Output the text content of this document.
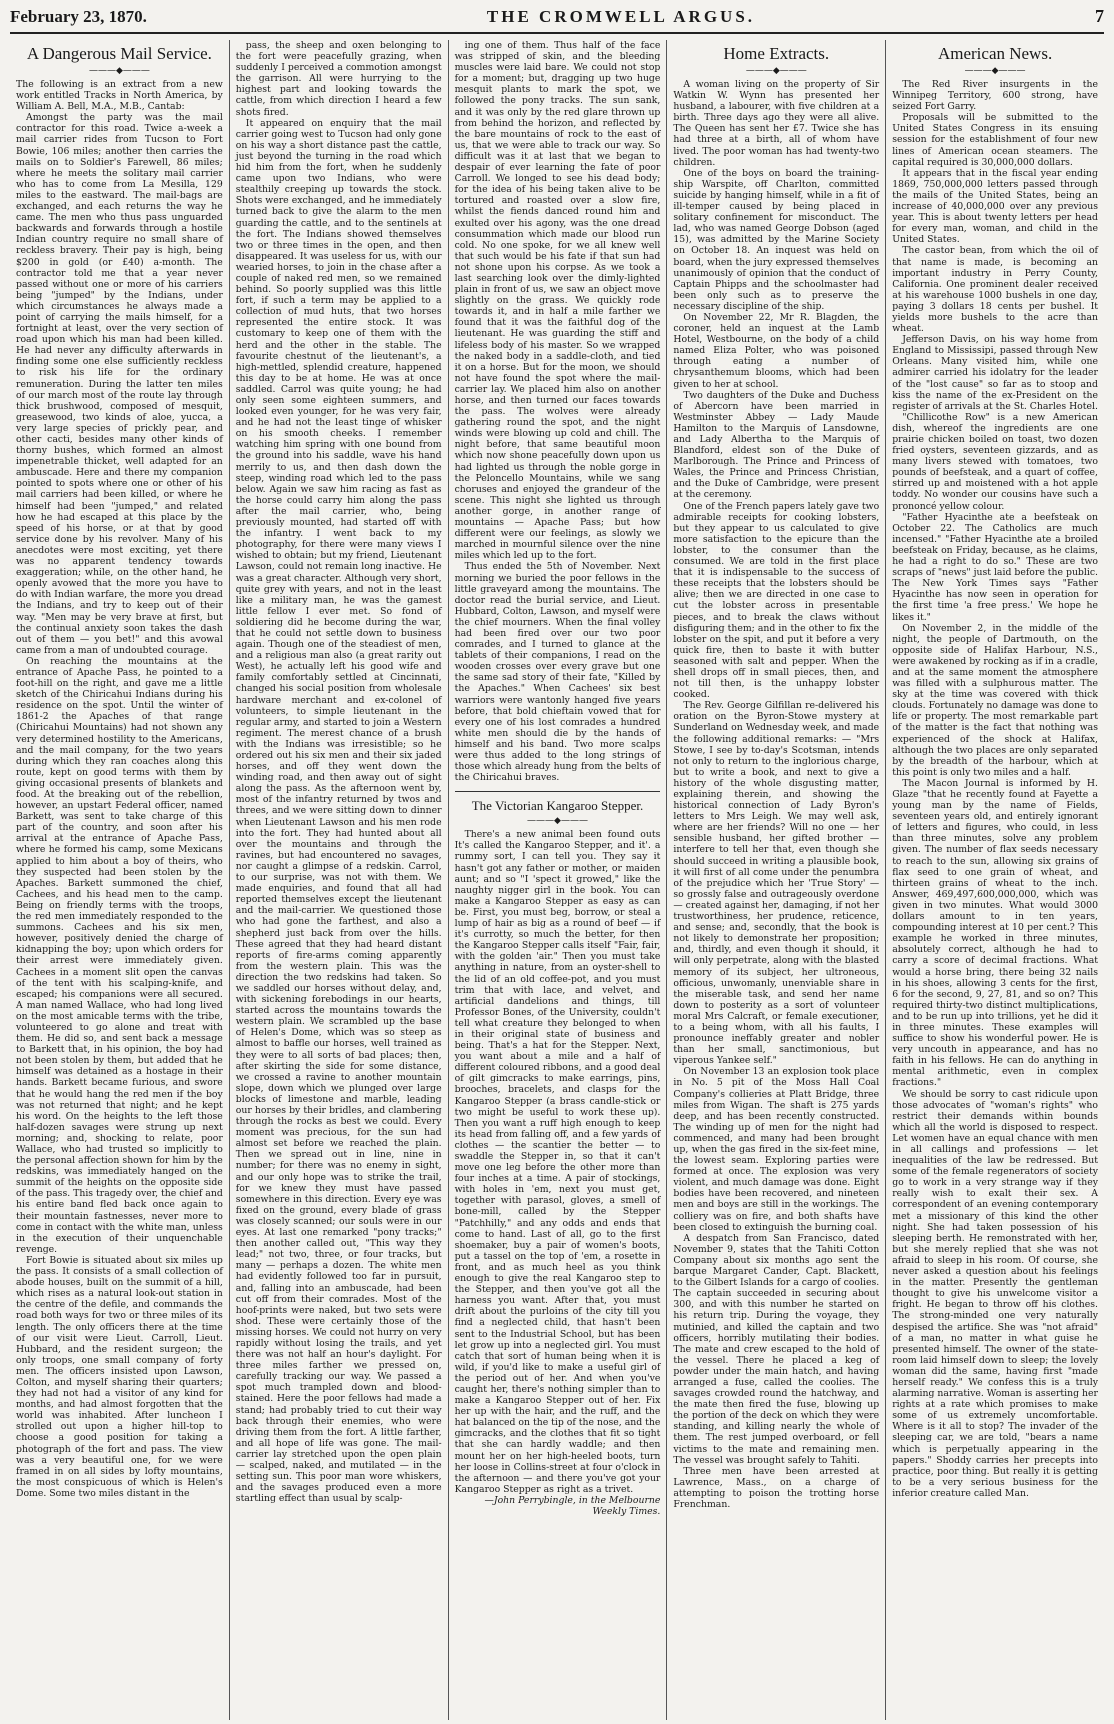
February 23, 1870.	THE CROMWELL ARGUS.	7
A Dangerous Mail Service.
———◆———

The following is an extract from a new work entitled Tracks in North America, by William A. Bell, M.A., M.B., Cantab:

Amongst the party was the mail contractor for this road. Twice a-week a mail carrier rides from Tucson to Fort Bowie, 106 miles; another then carries the mails on to Soldier's Farewell, 86 miles; where he meets the solitary mail carrier who has to come from La Mesilla, 129 miles to the eastward. The mail-bags are exchanged, and each returns the way he came. The men who thus pass unguarded backwards and forwards through a hostile Indian country require no small share of reckless bravery. Their pay is high, being $200 in gold (or £40) a-month. The contractor told me that a year never passed without one or more of his carriers being "jumped" by the Indians, under which circumstances he always made a point of carrying the mails himself, for a fortnight at least, over the very section of road upon which his man had been killed. He had never any difficulty afterwards in finding some one else sufficiently reckless to risk his life for the ordinary remuneration. During the latter ten miles of our march most of the route lay through thick brushwood, composed of mesquit, greasewood, two kinds of aloe, yucca, a very large species of prickly pear, and other cacti, besides many other kinds of thorny bushes, which formed an almost impenetrable thicket, well adapted for an ambuscade. Here and there my companion pointed to spots where one or other of his mail carriers had been killed, or where he himself had been "jumped," and related how he had escaped at this place by the speed of his horse, or at that by good service done by his revolver. Many of his anecdotes were most exciting, yet there was no apparent tendency towards exaggeration; while, on the other hand, he openly avowed that the more you have to do with Indian warfare, the more you dread the Indians, and try to keep out of their way. "Men may be very brave at first, but the continual anxiety soon takes the dash out of them — you bet!" and this avowal came from a man of undoubted courage.

On reaching the mountains at the entrance of Apache Pass, he pointed to a foot-hill on the right, and gave me a little sketch of the Chiricahui Indians during his residence on the spot. Until the winter of 1861-2 the Apaches of that range (Chiricahui Mountains) had not shown any very determined hostility to the Americans, and the mail company, for the two years during which they ran coaches along this route, kept on good terms with them by giving occasional presents of blankets and food. At the breaking out of the rebellion, however, an upstart Federal officer, named Barkett, was sent to take charge of this part of the country, and soon after his arrival at the entrance of Apache Pass, where he formed his camp, some Mexicans applied to him about a boy of theirs, who they suspected had been stolen by the Apaches. Barkett summoned the chief, Cachees, and his head men to the camp. Being on friendly terms with the troops, the red men immediately responded to the summons. Cachees and his six men, however, positively denied the charge of kidnapping the boy; upon which orders for their arrest were immediately given. Cachees in a moment slit open the canvas of the tent with his scalping-knife, and escaped; his companions were all secured. A man named Wallace, who had long lived on the most amicable terms with the tribe, volunteered to go alone and treat with them. He did so, and sent back a message to Barkett that, in his opinion, the boy had not been stolen by them, but added that he himself was detained as a hostage in their hands. Barkett became furious, and swore that he would hang the red men if the boy was not returned that night; and he kept his word. On the heights to the left those half-dozen savages were strung up next morning; and, shocking to relate, poor Wallace, who had trusted so implicitly to the personal affection shown for him by the redskins, was immediately hanged on the summit of the heights on the opposite side of the pass. This tragedy over, the chief and his entire band fled back once again to their mountain fastnesses, never more to come in contact with the white man, unless in the execution of their unquenchable revenge.

Fort Bowie is situated about six miles up the pass. It consists of a small collection of abode houses, built on the summit of a hill, which rises as a natural look-out station in the centre of the defile, and commands the road both ways for two or three miles of its length. The only officers there at the time of our visit were Lieut. Carroll, Lieut. Hubbard, and the resident surgeon; the only troops, one small company of forty men. The officers insisted upon Lawson, Colton, and myself sharing their quarters; they had not had a visitor of any kind for months, and had almost forgotten that the world was inhabited. After luncheon I strolled out upon a higher hill-top to choose a good position for taking a photograph of the fort and pass. The view was a very beautiful one, for we were framed in on all sides by lofty mountains, the most conspicuous of which is Helen's Dome. Some two miles distant in the

pass, the sheep and oxen belonging to the fort were peacefully grazing, when suddenly I perceived a commotion amongst the garrison. All were hurrying to the highest part and looking towards the cattle, from which direction I heard a few shots fired.

It appeared on enquiry that the mail carrier going west to Tucson had only gone on his way a short distance past the cattle, just beyond the turning in the road which hid him from the fort, when he suddenly came upon two Indians, who were stealthily creeping up towards the stock. Shots were exchanged, and he immediately turned back to give the alarm to the men guarding the cattle, and to the sentinels at the fort. The Indians showed themselves two or three times in the open, and then disappeared. It was useless for us, with our wearied horses, to join in the chase after a couple of naked red men, so we remained behind. So poorly supplied was this little fort, if such a term may be applied to a collection of mud huts, that two horses represented the entire stock. It was customary to keep one of them with the herd and the other in the stable. The favourite chestnut of the lieutenant's, a high-mettled, splendid creature, happened this day to be at home. He was at once saddled. Carrol was quite young; he had only seen some eighteen summers, and looked even younger, for he was very fair, and he had not the least tinge of whisker on his smooth cheeks. I remember watching him spring with one bound from the ground into his saddle, wave his hand merrily to us, and then dash down the steep, winding road which led to the pass below. Again we saw him racing as fast as the horse could carry him along the pass after the mail carrier, who, being previously mounted, had started off with the infantry. I went back to my photography, for there were many views I wished to obtain; but my friend, Lieutenant Lawson, could not remain long inactive. He was a great character. Although very short, quite grey with years, and not in the least like a military man, he was the gamest little fellow I ever met. So fond of soldiering did he become during the war, that he could not settle down to business again. Though one of the steadiest of men, and a religious man also (a great rarity out West), he actually left his good wife and family comfortably settled at Cincinnati, changed his social position from wholesale hardware merchant and ex-colonel of volunteers, to simple lieutenant in the regular army, and started to join a Western regiment. The merest chance of a brush with the Indians was irresistible; so he ordered out his six men and their six jaded horses, and off they went down the winding road, and then away out of sight along the pass. As the afternoon went by, most of the infantry returned by twos and threes, and we were sitting down to dinner when Lieutenant Lawson and his men rode into the fort. They had hunted about all over the mountains and through the ravines, but had encountered no savages, nor caught a glimpse of a redskin. Carrol, to our surprise, was not with them. We made enquiries, and found that all had reported themselves except the lieutenant and the mail-carrier. We questioned those who had gone the farthest, and also a shepherd just back from over the hills. These agreed that they had heard distant reports of fire-arms coming apparently from the western plain. This was the direction the two redskins had taken. So we saddled our horses without delay, and, with sickening forebodings in our hearts, started across the mountains towards the western plain. We scrambled up the base of Helen's Dome, which was so steep as almost to baffle our horses, well trained as they were to all sorts of bad places; then, after skirting the side for some distance, we crossed a ravine to another mountain slope, down which we plunged over large blocks of limestone and marble, leading our horses by their bridles, and clambering through the rocks as best we could. Every moment was precious, for the sun had almost set before we reached the plain. Then we spread out in line, nine in number; for there was no enemy in sight, and our only hope was to strike the trail, for we knew they must have passed somewhere in this direction. Every eye was fixed on the ground, every blade of grass was closely scanned; our souls were in our eyes. At last one remarked "pony tracks;" then another called out, "This way they lead;" not two, three, or four tracks, but many — perhaps a dozen. The white men had evidently followed too far in pursuit, and, falling into an ambuscade, had been cut off from their comrades. Most of the hoof-prints were naked, but two sets were shod. These were certainly those of the missing horses. We could not hurry on very rapidly without losing the trails, and yet there was not half an hour's daylight. For three miles farther we pressed on, carefully tracking our way. We passed a spot much trampled down and blood-stained. Here the poor fellows had made a stand; had probably tried to cut their way back through their enemies, who were driving them from the fort. A little farther, and all hope of life was gone. The mail-carrier lay stretched upon the open plain — scalped, naked, and mutilated — in the setting sun. This poor man wore whiskers, and the savages produced even a more startling effect than usual by scalp-

ing one of them. Thus half of the face was stripped of skin, and the bleeding muscles were laid bare. We could not stop for a moment; but, dragging up two huge mesquit plants to mark the spot, we followed the pony tracks. The sun sank, and it was only by the red glare thrown up from behind the horizon, and reflected by the bare mountains of rock to the east of us, that we were able to track our way. So difficult was it at last that we began to despair of ever learning the fate of poor Carroll. We longed to see his dead body; for the idea of his being taken alive to be tortured and roasted over a slow fire, whilst the fiends danced round him and exulted over his agony, was the one dread consummation which made our blood run cold. No one spoke, for we all knew well that such would be his fate if that sun had not shone upon his corpse. As we took a last searching look over the dimly-lighted plain in front of us, we saw an object move slightly on the grass. We quickly rode towards it, and in half a mile farther we found that it was the faithful dog of the lieutenant. He was guarding the stiff and lifeless body of his master. So we wrapped the naked body in a saddle-cloth, and tied it on a horse. But for the moon, we should not have found the spot where the mail-carrier lay. We placed him also on another horse, and then turned our faces towards the pass. The wolves were already gathering round the spot, and the night winds were blowing up cold and chill. The night before, that same beautiful moon which now shone peacefully down upon us had lighted us through the noble gorge in the Peloncello Mountains, while we sang choruses and enjoyed the grandeur of the scene. This night she lighted us through another gorge, in another range of mountains — Apache Pass; but how different were our feelings, as slowly we marched in mournful silence over the nine miles which led up to the fort.

Thus ended the 5th of November. Next morning we buried the poor fellows in the little graveyard among the mountains. The doctor read the burial service, and Lieut. Hubbard, Colton, Lawson, and myself were the chief mourners. When the final volley had been fired over our two poor comrades, and I turned to glance at the tablets of their companions, I read on the wooden crosses over every grave but one the same sad story of their fate, "Killed by the Apaches." When Cachees' six best warriors were wantonly hanged five years before, that bold chieftain vowed that for every one of his lost comrades a hundred white men should die by the hands of himself and his band. Two more scalps were thus added to the long strings of those which already hung from the belts of the Chiricahui braves.

The Victorian Kangaroo Stepper.
———◆———

There's a new animal been found outs It's called the Kangaroo Stepper, and it'. a rummy sort, I can tell you. They say it hasn't got any father or mother, or maiden aunt; and so "I 'spect it growed," like the naughty nigger girl in the book. You can make a Kangaroo Stepper as easy as can be. First, you must beg, borrow, or steal a lump of hair as big as a round of beef — if it's currotty, so much the better, for then the Kangaroo Stepper calls itself "Fair, fair, with the golden 'air." Then you must take anything in nature, from an oyster-shell to the lid of an old coffee-pot, and you must trim that with lace, and velvet, and artificial dandelions and things, till Professor Bones, of the University, couldn't tell what creature they belonged to when in their original state of business and being. That's a hat for the Stepper. Next, you want about a mile and a half of different coloured ribbons, and a good deal of gilt gimcracks to make earrings, pins, brooches, bracelets, and clasps for the Kangaroo Stepper (a brass candle-stick or two might be useful to work these up). Then you want a ruff high enough to keep its head from falling off, and a few yards of clothes — the scantier the better — to swaddle the Stepper in, so that it can't move one leg before the other more than four inches at a time. A pair of stockings, with holes in 'em, next you must get, together with parasol, gloves, a smell of bone-mill, called by the Stepper "Patchhilly," and any odds and ends that come to hand. Last of all, go to the first shoemaker, buy a pair of women's boots, put a tassel on the top of 'em, a rosette in front, and as much heel as you think enough to give the real Kangaroo step to the Stepper, and then you've got all the harness you want. After that, you must drift about the purloins of the city till you find a neglected child, that hasn't been sent to the Industrial School, but has been let grow up into a neglected girl. You must catch that sort of human being when it is wild, if you'd like to make a useful girl of the period out of her. And when you've caught her, there's nothing simpler than to make a Kangaroo Stepper out of her. Fix her up with the hair, and the ruff, and the hat balanced on the tip of the nose, and the gimcracks, and the clothes that fit so tight that she can hardly waddle; and then mount her on her high-heeled boots, turn her loose in Collins-street at four o'clock in the afternoon — and there you've got your Kangaroo Stepper as right as a trivet.

—John Perrybingle, in the Melbourne Weekly Times.

Home Extracts.
———◆———

A woman living on the property of Sir Watkin W. Wynn has presented her husband, a labourer, with five children at a birth. Three days ago they were all alive. The Queen has sent her £7. Twice she has had three at a birth, all of whom have lived. The poor woman has had twenty-two children.

One of the boys on board the training-ship Warspite, off Charlton, committed suicide by hanging himself, while in a fit of ill-temper caused by being placed in solitary confinement for misconduct. The lad, who was named George Dobson (aged 15), was admitted by the Marine Society on October 18. An inquest was held on board, when the jury expressed themselves unanimously of opinion that the conduct of Captain Phipps and the schoolmaster had been only such as to preserve the necessary discipline of the ship.

On November 22, Mr R. Blagden, the coroner, held an inquest at the Lamb Hotel, Westbourne, on the body of a child named Eliza Polter, who was poisoned through eating a number of chrysanthemum blooms, which had been given to her at school.

Two daughters of the Duke and Duchess of Abercorn have been married in Westminster Abbey — Lady Maude Hamilton to the Marquis of Lansdowne, and Lady Albertha to the Marquis of Blandford, eldest son of the Duke of Marlborough. The Prince and Princess of Wales, the Prince and Princess Christian, and the Duke of Cambridge, were present at the ceremony.

One of the French papers lately gave two admirable receipts for cooking lobsters, but they appear to us calculated to give more satisfaction to the epicure than the lobster, to the consumer than the consumed. We are told in the first place that it is indispensable to the success of these receipts that the lobsters should be alive; then we are directed in one case to cut the lobster across in presentable pieces, and to break the claws without disfiguring them; and in the other to fix the lobster on the spit, and put it before a very quick fire, then to baste it with butter seasoned with salt and pepper. When the shell drops off in small pieces, then, and not till then, is the unhappy lobster cooked.

The Rev. George Gilfillan re-delivered his oration on the Byron-Stowe mystery at Sunderland on Wednesday week, and made the following additional remarks: — "Mrs Stowe, I see by to-day's Scotsman, intends not only to return to the inglorious charge, but to write a book, and next to give a history of the whole disgusting matter, explaining therein, and showing the historical connection of Lady Byron's letters to Mrs Leigh. We may well ask, where are her friends? Will no one — her sensible husband, her gifted brother — interfere to tell her that, even though she should succeed in writing a plausible book, it will first of all come under the penumbra of the prejudice which her 'True Story' — so grossly false and outrageously overdone — created against her, damaging, if not her trustworthiness, her prudence, reticence, and sense; and, secondly, that the book is not likely to demonstrate her proposition; and, thirdly, and even though it should, it will only perpetrate, along with the blasted memory of its subject, her ultroneous, officious, unwomanly, unenviable share in the miserable task, and send her name down to posterity as a sort of volunteer moral Mrs Calcraft, or female executioner, to a being whom, with all his faults, I pronounce ineffably greater and nobler than her small, sanctimonious, but viperous Yankee self."

On November 13 an explosion took place in No. 5 pit of the Moss Hall Coal Company's collieries at Platt Bridge, three miles from Wigan. The shaft is 275 yards deep, and has been recently constructed. The winding up of men for the night had commenced, and many had been brought up, when the gas fired in the six-feet mine, the lowest seam. Exploring parties were formed at once. The explosion was very violent, and much damage was done. Eight bodies have been recovered, and nineteen men and boys are still in the workings. The colliery was on fire, and both shafts have been closed to extinguish the burning coal.

A despatch from San Francisco, dated November 9, states that the Tahiti Cotton Company about six months ago sent the barque Margaret Cander, Capt. Blackett, to the Gilbert Islands for a cargo of coolies. The captain succeeded in securing about 300, and with this number he started on his return trip. During the voyage, they mutinied, and killed the captain and two officers, horribly mutilating their bodies. The mate and crew escaped to the hold of the vessel. There he placed a keg of powder under the main hatch, and having arranged a fuse, called the coolies. The savages crowded round the hatchway, and the mate then fired the fuse, blowing up the portion of the deck on which they were standing, and killing nearly the whole of them. The rest jumped overboard, or fell victims to the mate and remaining men. The vessel was brought safely to Tahiti.

Three men have been arrested at Lawrence, Mass., on a charge of attempting to poison the trotting horse Frenchman.

American News.
———◆———

The Red River insurgents in the Winnipeg Territory, 600 strong, have seized Fort Garry.

Proposals will be submitted to the United States Congress in its ensuing session for the establishment of four new lines of American ocean steamers. The capital required is 30,000,000 dollars.

It appears that in the fiscal year ending 1869, 750,000,000 letters passed through the mails of the United States, being an increase of 40,000,000 over any previous year. This is about twenty letters per head for every man, woman, and child in the United States.

The castor bean, from which the oil of that name is made, is becoming an important industry in Perry County, California. One prominent dealer received at his warehouse 1000 bushels in one day, paying 3 dollars 18 cents per bushel. It yields more bushels to the acre than wheat.

Jefferson Davis, on his way home from England to Mississipi, passed through New Orleans. Many visited him, while one admirer carried his idolatry for the leader of the "lost cause" so far as to stoop and kiss the name of the ex-President on the register of arrivals at the St. Charles Hotel.

"Chillicothe Row" is a new American dish, whereof the ingredients are one prairie chicken boiled on toast, two dozen fried oysters, seventeen gizzards, and as many livers stewed with tomatoes, two pounds of beefsteak, and a quart of coffee, stirred up and moistened with a hot apple toddy. No wonder our cousins have such a prononcé yellow colour.

"Father Hyacinthe ate a beefsteak on October 22. The Catholics are much incensed." "Father Hyacinthe ate a broiled beefsteak on Friday, because, as he claims, he had a right to do so." These are two scraps of "news" just laid before the public. The New York Times says "Father Hyacinthe has now seen in operation for the first time 'a free press.' We hope he likes it."

On November 2, in the middle of the night, the people of Dartmouth, on the opposite side of Halifax Harbour, N.S., were awakened by rocking as if in a cradle, and at the same moment the atmosphere was filled with a sulphurous matter. The sky at the time was covered with thick clouds. Fortunately no damage was done to life or property. The most remarkable part of the matter is the fact that nothing was experienced of the shock at Halifax, although the two places are only separated by the breadth of the harbour, which at this point is only two miles and a half.

The Macon Journal is informed by H. Glaze "that he recently found at Fayette a young man by the name of Fields, seventeen years old, and entirely ignorant of letters and figures, who could, in less than three minutes, solve any problem given. The number of flax seeds necessary to reach to the sun, allowing six grains of flax seed to one grain of wheat, and thirteen grains of wheat to the inch. Answer, 469,497,600,000,000, which was given in two minutes. What would 3000 dollars amount to in ten years, compounding interest at 10 per cent.? This example he worked in three minutes, absolutely correct, although he had to carry a score of decimal fractions. What would a horse bring, there being 32 nails in his shoes, allowing 3 cents for the first, 6 for the second, 9, 27, 81, and so on? This required thirty-two distinct multiplications, and to be run up into trillions, yet he did it in three minutes. These examples will suffice to show his wonderful power. He is very uncouth in appearance, and has no faith in his fellows. He can do anything in mental arithmetic, even in complex fractions."

We should be sorry to cast ridicule upon those advocates of "woman's rights" who restrict their demands within bounds which all the world is disposed to respect. Let women have an equal chance with men in all callings and professions — let inequalities of the law be redressed. But some of the female regenerators of society go to work in a very strange way if they really wish to exalt their sex. A correspondent of an evening contemporary met a missionary of this kind the other night. She had taken possession of his sleeping berth. He remonstrated with her, but she merely replied that she was not afraid to sleep in his room. Of course, she never asked a question about his feelings in the matter. Presently the gentleman thought to give his unwelcome visitor a fright. He began to throw off his clothes. The strong-minded one very naturally despised the artifice. She was "not afraid" of a man, no matter in what guise he presented himself. The owner of the state-room laid himself down to sleep; the lovely woman did the same, having first "made herself ready." We confess this is a truly alarming narrative. Woman is asserting her rights at a rate which promises to make some of us extremely uncomfortable. Where is it all to stop? The invader of the sleeping car, we are told, "bears a name which is perpetually appearing in the papers." Shoddy carries her precepts into practice, poor thing. But really it is getting to be a very serious business for the inferior creature called Man.
